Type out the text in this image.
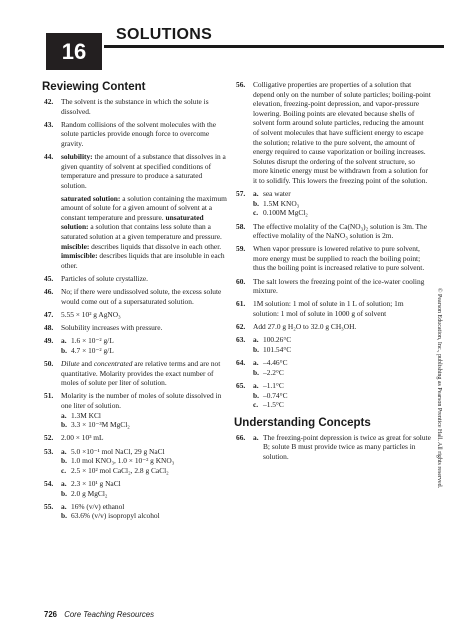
16
SOLUTIONS
Reviewing Content
42.	The solvent is the substance in which the solute is dissolved.
43.	Random collisions of the solvent molecules with the solute particles provide enough force to overcome gravity.
44.	solubility: the amount of a substance that dissolves in a given quantity of solvent at specified conditions of temperature and pressure to produce a saturated solution.
saturated solution: a solution containing the maximum amount of solute for a given amount of solvent at a constant temperature and pressure. unsaturated solution: a solution that contains less solute than a saturated solution at a given temperature and pressure. miscible: describes liquids that dissolve in each other. immiscible: describes liquids that are insoluble in each other.
45.	Particles of solute crystallize.
46.	No; if there were undissolved solute, the excess solute would come out of a supersaturated solution.
47.	5.55 × 10² g AgNO₃
48.	Solubility increases with pressure.
49.	a. 1.6 × 10⁻² g/L
b. 4.7 × 10⁻² g/L
50.	Dilute and concentrated are relative terms and are not quantitative. Molarity provides the exact number of moles of solute per liter of solution.
51.	Molarity is the number of moles of solute dissolved in one liter of solution.
a. 1.3M KCl
b. 3.3 × 10⁻³M MgCl₂
52.	2.00 × 10³ mL
53.	a. 5.0 ×10⁻¹ mol NaCl, 29 g NaCl
b. 1.0 mol KNO₃, 1.0 × 10⁻² g KNO₃
c. 2.5 × 10² mol CaCl₂, 2.8 g CaCl₂
54.	a. 2.3 × 10¹ g NaCl
b. 2.0 g MgCl₂
55.	a. 16% (v/v) ethanol
b. 63.6% (v/v) isopropyl alcohol
56.	Colligative properties are properties of a solution that depend only on the number of solute particles; boiling-point elevation, freezing-point depression, and vapor-pressure lowering. Boiling points are elevated because shells of solvent form around solute particles, reducing the amount of solvent molecules that have sufficient energy to escape the solution; relative to the pure solvent, the amount of energy required to cause vaporization or boiling increases. Solutes disrupt the ordering of the solvent structure, so more kinetic energy must be withdrawn from a solution for it to solidify. This lowers the freezing point of the solution.
57.	a. sea water
b. 1.5M KNO₃
c. 0.100M MgCl₂
58.	The effective molality of the Ca(NO₃)₂ solution is 3m. The effective molality of the NaNO₃ solution is 2m.
59.	When vapor pressure is lowered relative to pure solvent, more energy must be supplied to reach the boiling point; thus the boiling point is increased relative to pure solvent.
60.	The salt lowers the freezing point of the ice-water cooling mixture.
61.	1M solution: 1 mol of solute in 1 L of solution; 1m solution: 1 mol of solute in 1000 g of solvent
62.	Add 27.0 g H₂O to 32.0 g CH₃OH.
63.	a. 100.26°C
b. 101.54°C
64.	a. –4.46°C
b. –2.2°C
65.	a. –1.1°C
b. –0.74°C
c. –1.5°C
Understanding Concepts
66.	a. The freezing-point depression is twice as great for solute B; solute B must provide twice as many particles in solution.	© Pearson Education, Inc., publishing as Pearson Prentice Hall. All rights reserved.
726 Core Teaching Resources
